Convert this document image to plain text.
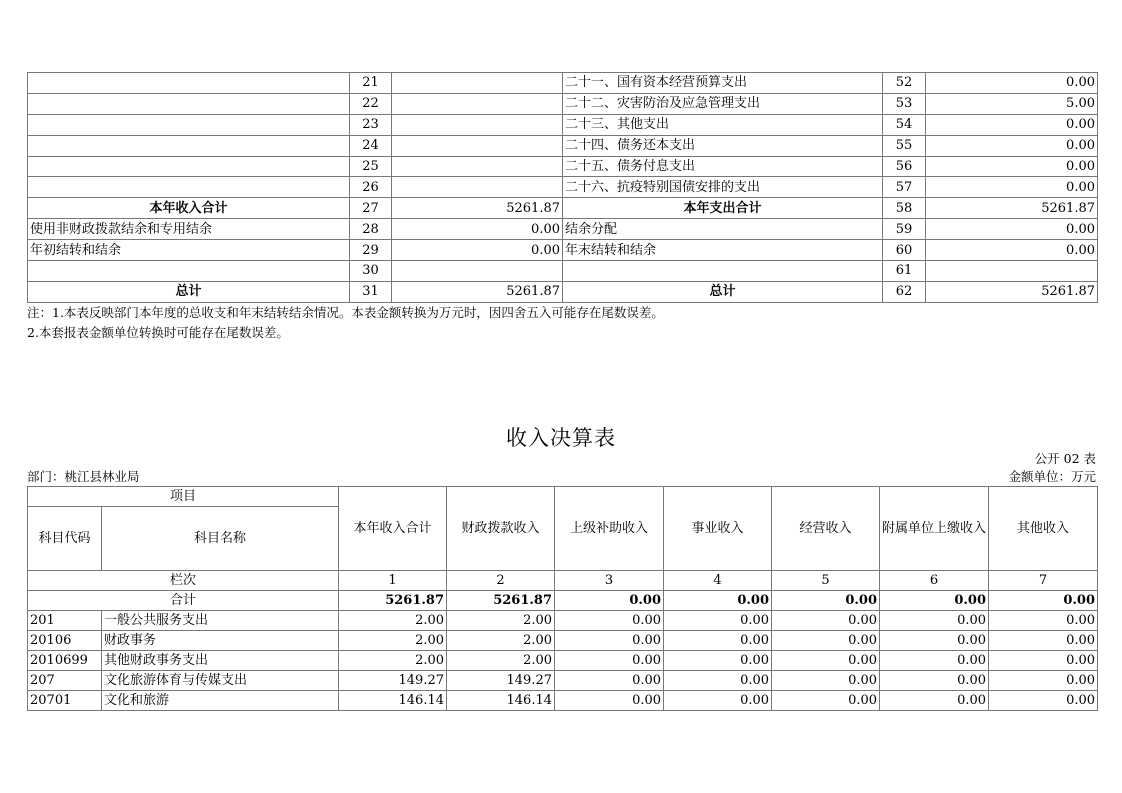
	21		二十一、国有资本经营预算支出	52	0.00
	22		二十二、灾害防治及应急管理支出	53	5.00
	23		二十三、其他支出	54	0.00
	24		二十四、债务还本支出	55	0.00
	25		二十五、债务付息支出	56	0.00
	26		二十六、抗疫特别国债安排的支出	57	0.00
本年收入合计	27	5261.87	本年支出合计	58	5261.87
使用非财政拨款结余和专用结余	28	0.00	结余分配	59	0.00
年初结转和结余	29	0.00	年末结转和结余	60	0.00
	30			61	
总计	31	5261.87	总计	62	5261.87
注：1.本表反映部门本年度的总收支和年末结转结余情况。本表金额转换为万元时，因四舍五入可能存在尾数误差。
2.本套报表金额单位转换时可能存在尾数误差。
收入决算表
公开 02 表
部门：桃江县林业局	金额单位：万元
项目		本年收入合计	财政拨款收入	上级补助收入	事业收入	经营收入	附属单位上缴收入	其他收入
科目代码	科目名称							
栏次		1	2	3	4	5	6	7
合计		5261.87	5261.87	0.00	0.00	0.00	0.00	0.00
201	一般公共服务支出	2.00	2.00	0.00	0.00	0.00	0.00	0.00
20106	财政事务	2.00	2.00	0.00	0.00	0.00	0.00	0.00
2010699	其他财政事务支出	2.00	2.00	0.00	0.00	0.00	0.00	0.00
207	文化旅游体育与传媒支出	149.27	149.27	0.00	0.00	0.00	0.00	0.00
20701	文化和旅游	146.14	146.14	0.00	0.00	0.00	0.00	0.00
